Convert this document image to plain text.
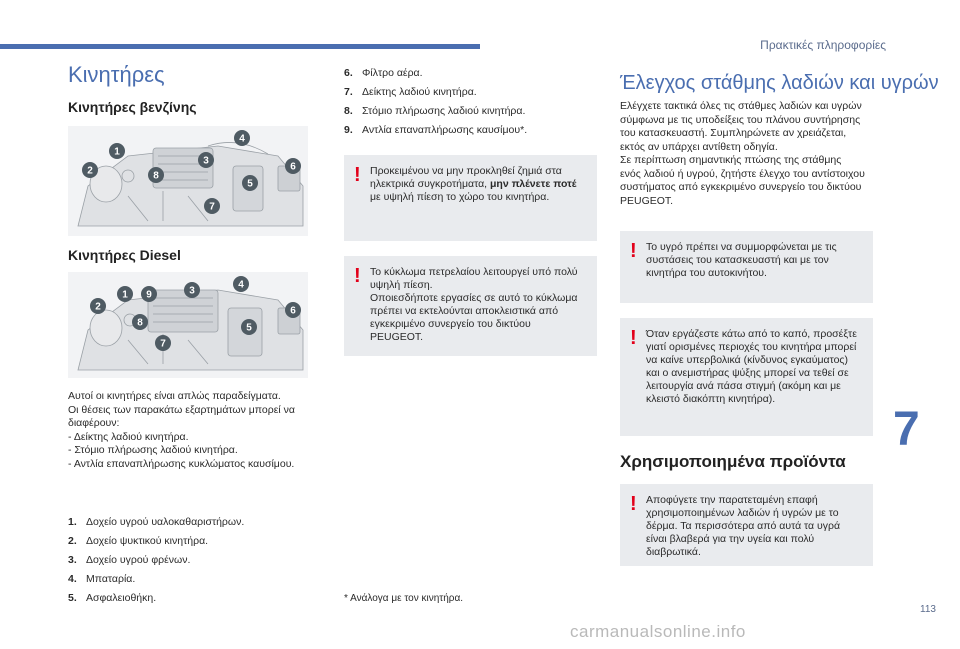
Πρακτικές πληροφορίες
Κινητήρες
Κινητήρες βενζίνης
1
2
3
4
5
6
7
8
Κινητήρες Diesel
1
2
3
4
5
6
7
8
9

Αυτοί οι κινητήρες είναι απλώς παραδείγματα.

Οι θέσεις των παρακάτω εξαρτημάτων μπορεί να

διαφέρουν:

- Δείκτης λαδιού κινητήρα.

- Στόμιο πλήρωσης λαδιού κινητήρα.

- Αντλία επαναπλήρωσης κυκλώματος καυσίμου.

1. Δοχείο υγρού υαλοκαθαριστήρων.
2. Δοχείο ψυκτικού κινητήρα.
3. Δοχείο υγρού φρένων.
4. Μπαταρία.
5. Ασφαλειοθήκη.
6. Φίλτρο αέρα.
7. Δείκτης λαδιού κινητήρα.
8. Στόμιο πλήρωσης λαδιού κινητήρα.
9. Αντλία επαναπλήρωσης καυσίμου*.
! Προκειμένου να μην προκληθεί ζημιά στα ηλεκτρικά συγκροτήματα, μην πλένετε ποτέ με υψηλή πίεση το χώρο του κινητήρα.
! Το κύκλωμα πετρελαίου λειτουργεί υπό πολύ υψηλή πίεση.

Οποιεσδήποτε εργασίες σε αυτό το κύκλωμα πρέπει να εκτελούνται αποκλειστικά από εγκεκριμένο συνεργείο του δικτύου PEUGEOT.

* Ανάλογα με τον κινητήρα.
Έλεγχος στάθμης λαδιών και υγρών

Ελέγχετε τακτικά όλες τις στάθμες λαδιών και υγρών σύμφωνα με τις υποδείξεις του πλάνου συντήρησης του κατασκευαστή. Συμπληρώνετε αν χρειάζεται, εκτός αν υπάρχει αντίθετη οδηγία.

Σε περίπτωση σημαντικής πτώσης της στάθμης ενός λαδιού ή υγρού, ζητήστε έλεγχο του αντίστοιχου συστήματος από εγκεκριμένο συνεργείο του δικτύου PEUGEOT.

! Το υγρό πρέπει να συμμορφώνεται με τις συστάσεις του κατασκευαστή και με τον κινητήρα του αυτοκινήτου.
! Όταν εργάζεστε κάτω από το καπό, προσέξτε γιατί ορισμένες περιοχές του κινητήρα μπορεί να καίνε υπερβολικά (κίνδυνος εγκαύματος) και ο ανεμιστήρας ψύξης μπορεί να τεθεί σε λειτουργία ανά πάσα στιγμή (ακόμη και με κλειστό διακόπτη κινητήρα).
Χρησιμοποιημένα προϊόντα
! Αποφύγετε την παρατεταμένη επαφή χρησιμοποιημένων λαδιών ή υγρών με το δέρμα. Τα περισσότερα από αυτά τα υγρά είναι βλαβερά για την υγεία και πολύ διαβρωτικά.
7
113
carmanualsonline.info
